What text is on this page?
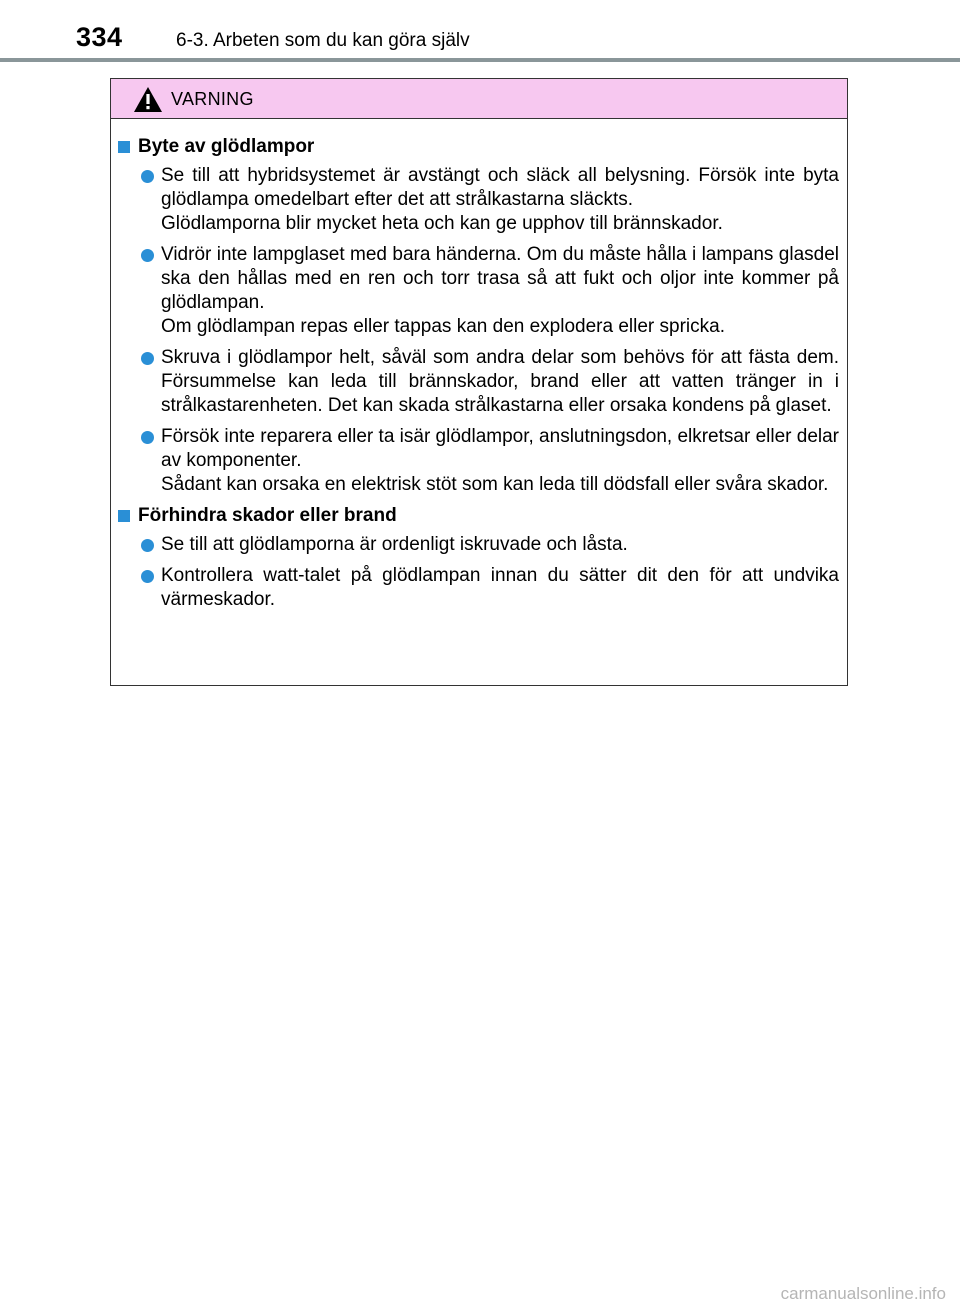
334	6-3. Arbeten som du kan göra själv
VARNING
Byte av glödlampor

Se till att hybridsystemet är avstängt och släck all belysning. Försök inte byta glödlampa omedelbart efter det att strålkastarna släckts.

Glödlamporna blir mycket heta och kan ge upphov till brännskador.

Vidrör inte lampglaset med bara händerna. Om du måste hålla i lampans glasdel ska den hållas med en ren och torr trasa så att fukt och oljor inte kommer på glödlampan.

Om glödlampan repas eller tappas kan den explodera eller spricka.

Skruva i glödlampor helt, såväl som andra delar som behövs för att fästa dem. Försummelse kan leda till brännskador, brand eller att vatten tränger in i strålkastarenheten. Det kan skada strålkastarna eller orsaka kondens på glaset.

Försök inte reparera eller ta isär glödlampor, anslutningsdon, elkretsar eller delar av komponenter.

Sådant kan orsaka en elektrisk stöt som kan leda till dödsfall eller svåra skador.

Förhindra skador eller brand

Se till att glödlamporna är ordenligt iskruvade och låsta.

Kontrollera watt-talet på glödlampan innan du sätter dit den för att undvika värmeskador.

carmanualsonline.info
